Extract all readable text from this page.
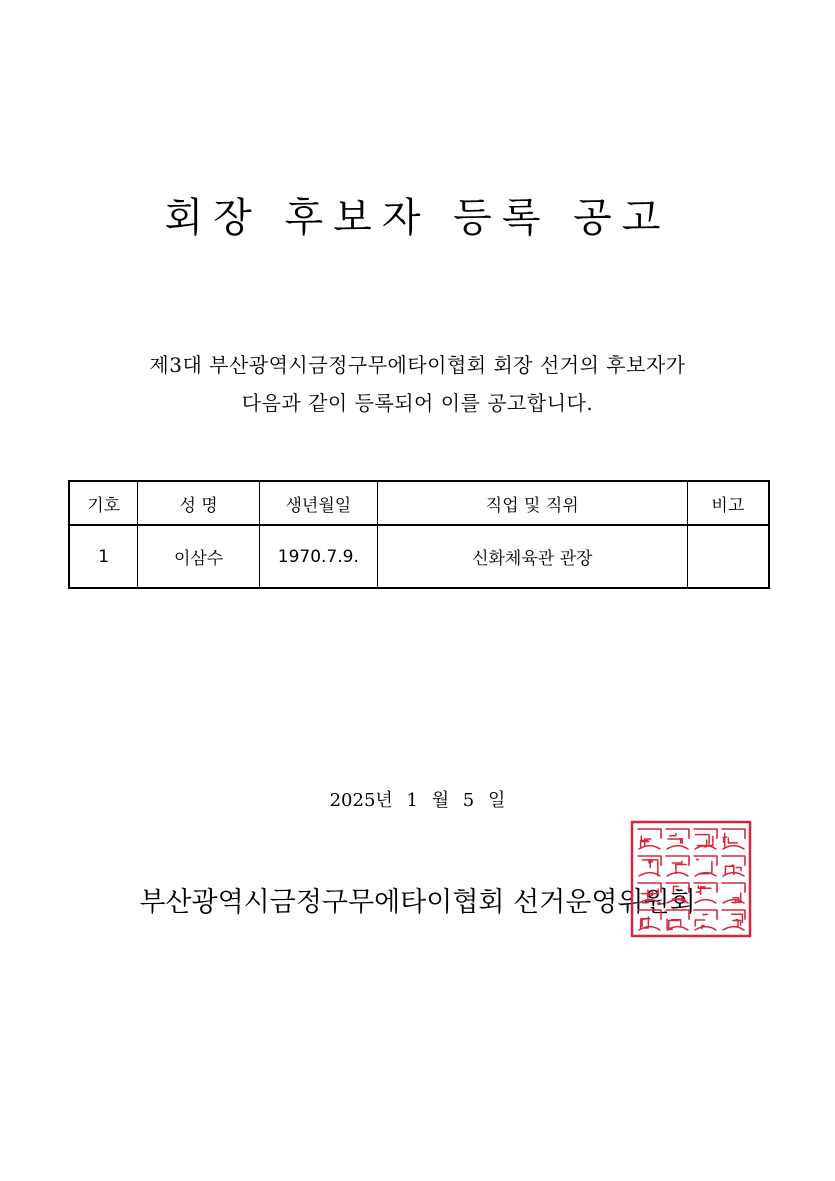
회장 후보자 등록 공고
제3대 부산광역시금정구무에타이협회 회장 선거의 후보자가
다음과 같이 등록되어 이를 공고합니다.
기호	성 명	생년월일	직업 및 직위	비고
1	이삼수	1970.7.9.	신화체육관 관장	
2025년 1 월 5 일
부산광역시금정구무에타이협회 선거운영위원회
